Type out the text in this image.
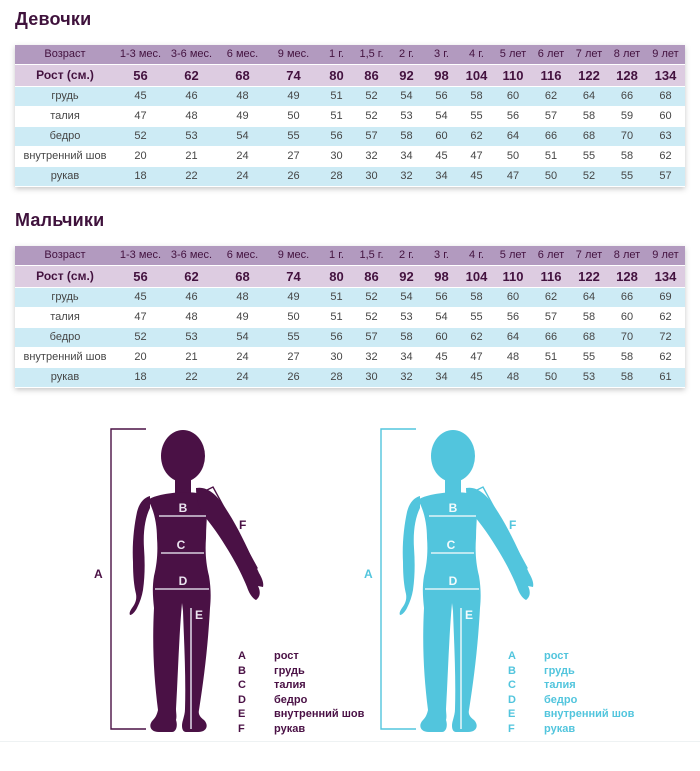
Девочки
Возраст	1-3 мес.	3-6 мес.	6 мес.	9 мес.	1 г.	1,5 г.	2 г.	3 г.	4 г.	5 лет	6 лет	7 лет	8 лет	9 лет
Рост (см.)	56	62	68	74	80	86	92	98	104	110	116	122	128	134
грудь	45	46	48	49	51	52	54	56	58	60	62	64	66	68
талия	47	48	49	50	51	52	53	54	55	56	57	58	59	60
бедро	52	53	54	55	56	57	58	60	62	64	66	68	70	63
внутренний шов	20	21	24	27	30	32	34	45	47	50	51	55	58	62
рукав	18	22	24	26	28	30	32	34	45	47	50	52	55	57
Мальчики
Возраст	1-3 мес.	3-6 мес.	6 мес.	9 мес.	1 г.	1,5 г.	2 г.	3 г.	4 г.	5 лет	6 лет	7 лет	8 лет	9 лет
Рост (см.)	56	62	68	74	80	86	92	98	104	110	116	122	128	134
грудь	45	46	48	49	51	52	54	56	58	60	62	64	66	69
талия	47	48	49	50	51	52	53	54	55	56	57	58	60	62
бедро	52	53	54	55	56	57	58	60	62	64	66	68	70	72
внутренний шов	20	21	24	27	30	32	34	45	47	48	51	55	58	62
рукав	18	22	24	26	28	30	32	34	45	48	50	53	58	61
A
B
C
D
E
F
A
B
C
D
E
F
A	рост
B	грудь
C	талия
D	бедро
E	внутренний шов
F	рукав
A	рост
B	грудь
C	талия
D	бедро
E	внутренний шов
F	рукав
